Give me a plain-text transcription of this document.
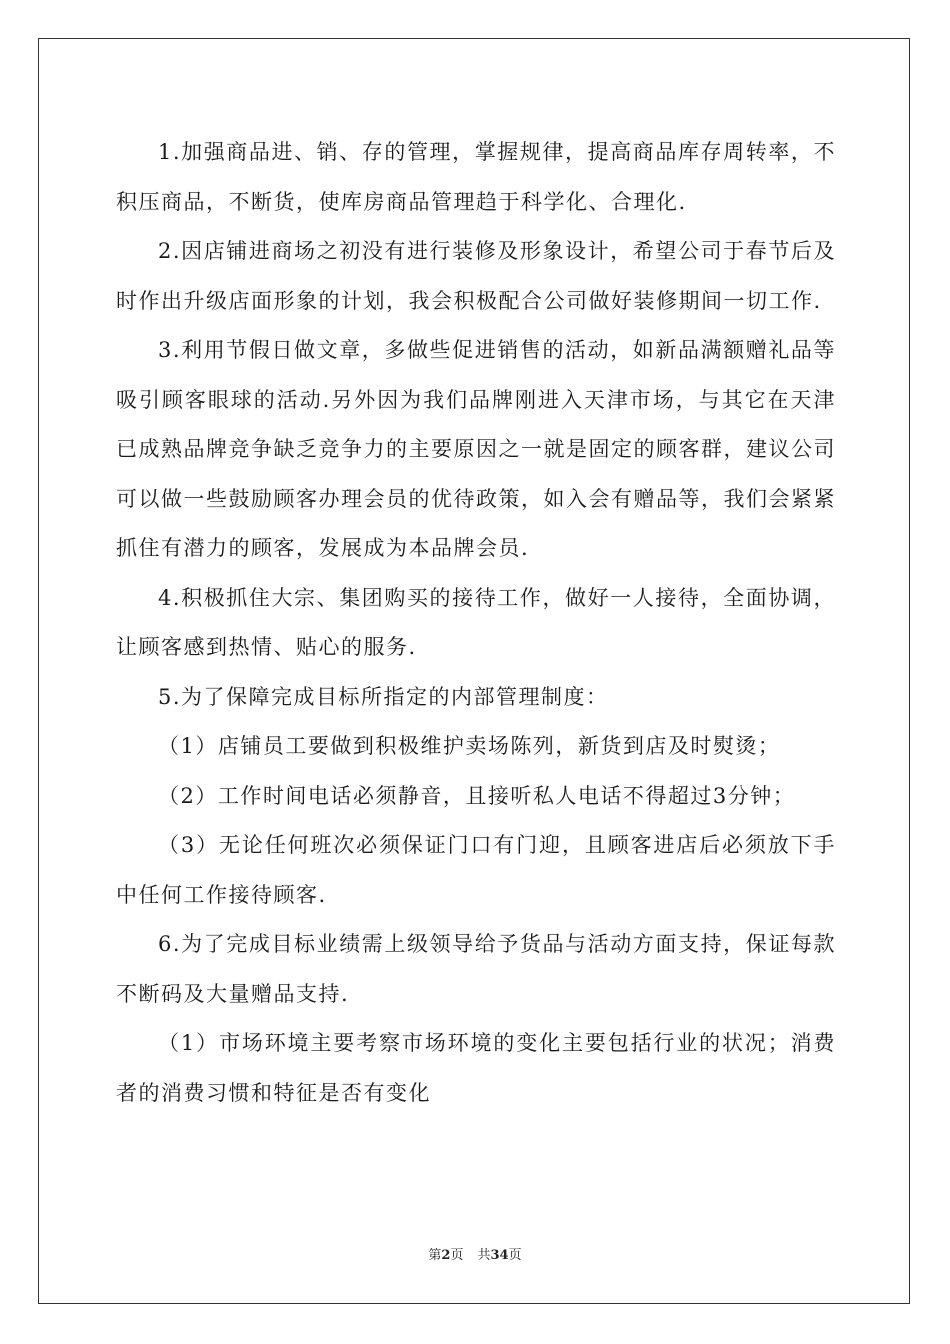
1.加强商品进、销、存的管理，掌握规律，提高商品库存周转率，不积压商品，不断货，使库房商品管理趋于科学化、合理化.

2.因店铺进商场之初没有进行装修及形象设计，希望公司于春节后及时作出升级店面形象的计划，我会积极配合公司做好装修期间一切工作.

3.利用节假日做文章，多做些促进销售的活动，如新品满额赠礼品等吸引顾客眼球的活动.另外因为我们品牌刚进入天津市场，与其它在天津已成熟品牌竞争缺乏竞争力的主要原因之一就是固定的顾客群，建议公司可以做一些鼓励顾客办理会员的优待政策，如入会有赠品等，我们会紧紧抓住有潜力的顾客，发展成为本品牌会员.

4.积极抓住大宗、集团购买的接待工作，做好一人接待，全面协调，让顾客感到热情、贴心的服务.

5.为了保障完成目标所指定的内部管理制度：

（1）店铺员工要做到积极维护卖场陈列，新货到店及时熨烫；

（2）工作时间电话必须静音，且接听私人电话不得超过3分钟；

（3）无论任何班次必须保证门口有门迎，且顾客进店后必须放下手中任何工作接待顾客.

6.为了完成目标业绩需上级领导给予货品与活动方面支持，保证每款不断码及大量赠品支持.

（1）市场环境主要考察市场环境的变化主要包括行业的状况；消费者的消费习惯和特征是否有变化

第2页 共34页
